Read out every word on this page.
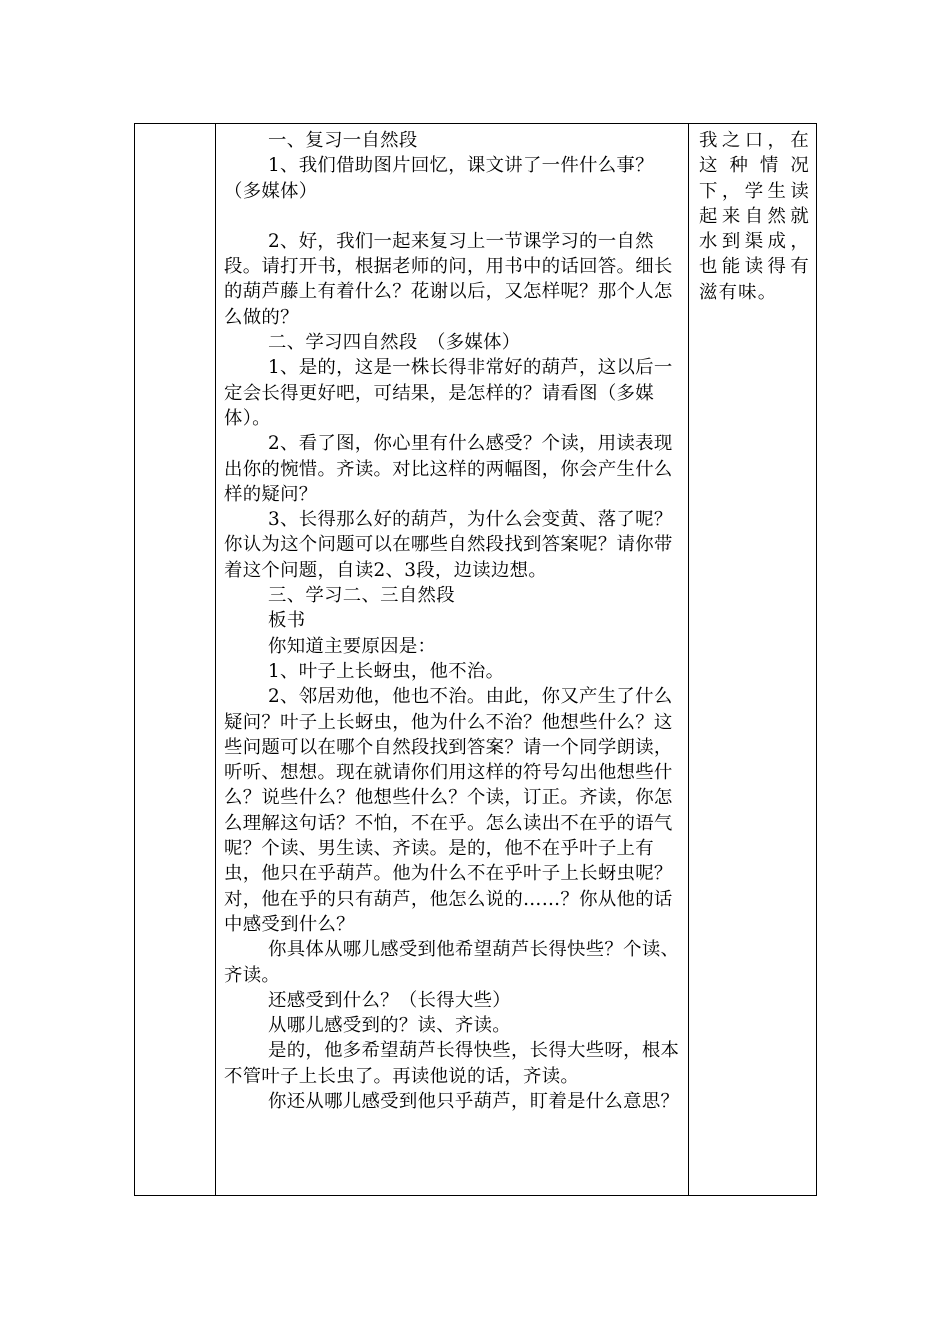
一、复习一自然段

1、我们借助图片回忆，课文讲了一件什么事？（多媒体）

2、好，我们一起来复习上一节课学习的一自然段。请打开书，根据老师的问，用书中的话回答。细长的葫芦藤上有着什么？花谢以后，又怎样呢？那个人怎么做的？

二、学习四自然段　（多媒体）

1、是的，这是一株长得非常好的葫芦，这以后一定会长得更好吧，可结果，是怎样的？请看图（多媒体）。

2、看了图，你心里有什么感受？个读，用读表现出你的惋惜。齐读。对比这样的两幅图，你会产生什么样的疑问？

3、长得那么好的葫芦，为什么会变黄、落了呢？你认为这个问题可以在哪些自然段找到答案呢？请你带着这个问题，自读2、3段，边读边想。

三、学习二、三自然段

板书

你知道主要原因是：

1、叶子上长蚜虫，他不治。

2、邻居劝他，他也不治。由此，你又产生了什么疑问？叶子上长蚜虫，他为什么不治？他想些什么？这些问题可以在哪个自然段找到答案？请一个同学朗读，听听、想想。现在就请你们用这样的符号勾出他想些什么？说些什么？他想些什么？个读，订正。齐读，你怎么理解这句话？不怕，不在乎。怎么读出不在乎的语气呢？个读、男生读、齐读。是的，他不在乎叶子上有虫，他只在乎葫芦。他为什么不在乎叶子上长蚜虫呢？对，他在乎的只有葫芦，他怎么说的……？你从他的话中感受到什么？

你具体从哪儿感受到他希望葫芦长得快些？个读、齐读。

还感受到什么？（长得大些）

从哪儿感受到的？读、齐读。

是的，他多希望葫芦长得快些，长得大些呀，根本不管叶子上长虫了。再读他说的话，齐读。

你还从哪儿感受到他只乎葫芦，盯着是什么意思？

我之口，在这种情况下，学生读起来自然就水到渠成，也能读得有滋有味。
